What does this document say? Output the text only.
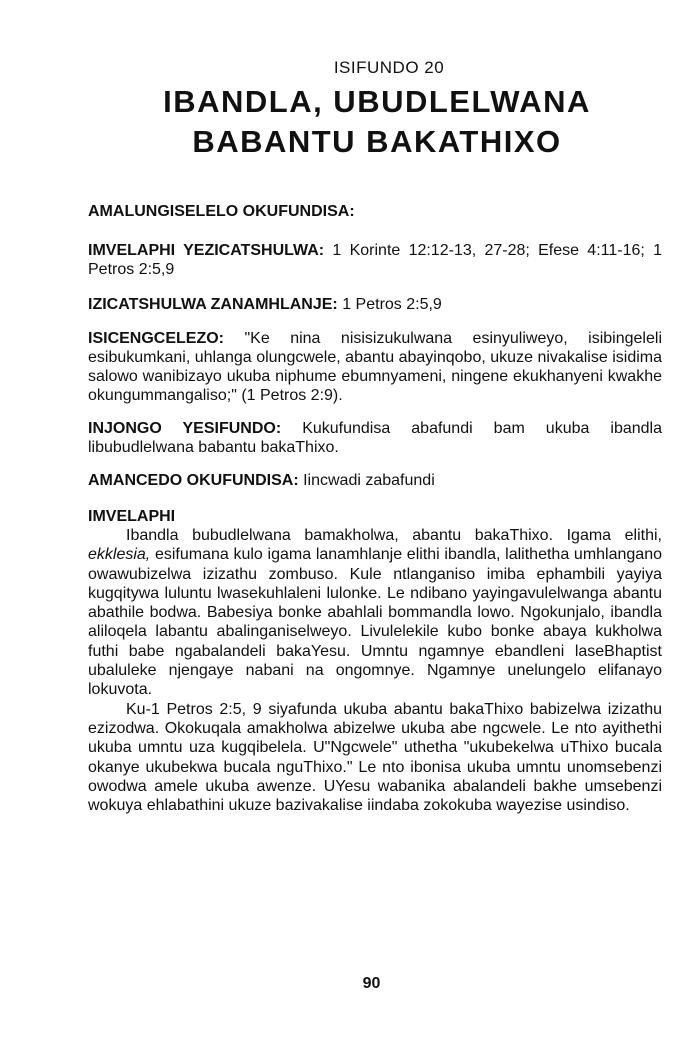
ISIFUNDO 20

IBANDLA, UBUDLELWANA
BABANTU BAKATHIXO

AMALUNGISELELO OKUFUNDISA:

IMVELAPHI YEZICATSHULWA: 1 Korinte 12:12-13, 27-28; Efese 4:11-16; 1 Petros 2:5,9

IZICATSHULWA ZANAMHLANJE: 1 Petros 2:5,9

ISICENGCELEZO: "Ke nina nisisizukulwana esinyuliweyo, isibingeleli esibukumkani, uhlanga olungcwele, abantu abayinqobo, ukuze nivakalise isidima salowo wanibizayo ukuba niphume ebumnyameni, ningene ekukhanyeni kwakhe okungummangaliso;" (1 Petros 2:9).

INJONGO YESIFUNDO: Kukufundisa abafundi bam ukuba ibandla libubudlelwana babantu bakaThixo.

AMANCEDO OKUFUNDISA: Iincwadi zabafundi

IMVELAPHI

Ibandla bubudlelwana bamakholwa, abantu bakaThixo. Igama elithi, ekklesia, esifumana kulo igama lanamhlanje elithi ibandla, lalithetha umhlangano owawubizelwa izizathu zombuso. Kule ntlanganiso imiba ephambili yayiya kugqitywa luluntu lwasekuhlaleni lulonke. Le ndibano yayingavulelwanga abantu abathile bodwa. Babesiya bonke abahlali bommandla lowo. Ngokunjalo, ibandla aliloqela labantu abalinganiselweyo. Livulelekile kubo bonke abaya kukholwa futhi babe ngabalandeli bakaYesu. Umntu ngamnye ebandleni laseBhaptist ubaluleke njengaye nabani na ongomnye. Ngamnye unelungelo elifanayo lokuvota.

Ku-1 Petros 2:5, 9 siyafunda ukuba abantu bakaThixo babizelwa izizathu ezizodwa. Okokuqala amakholwa abizelwe ukuba abe ngcwele. Le nto ayithethi ukuba umntu uza kugqibelela. U"Ngcwele" uthetha "ukubekelwa uThixo bucala okanye ukubekwa bucala nguThixo." Le nto ibonisa ukuba umntu unomsebenzi owodwa amele ukuba awenze. UYesu wabanika abalandeli bakhe umsebenzi wokuya ehlabathini ukuze bazivakalise iindaba zokokuba wayezise usindiso.

90
